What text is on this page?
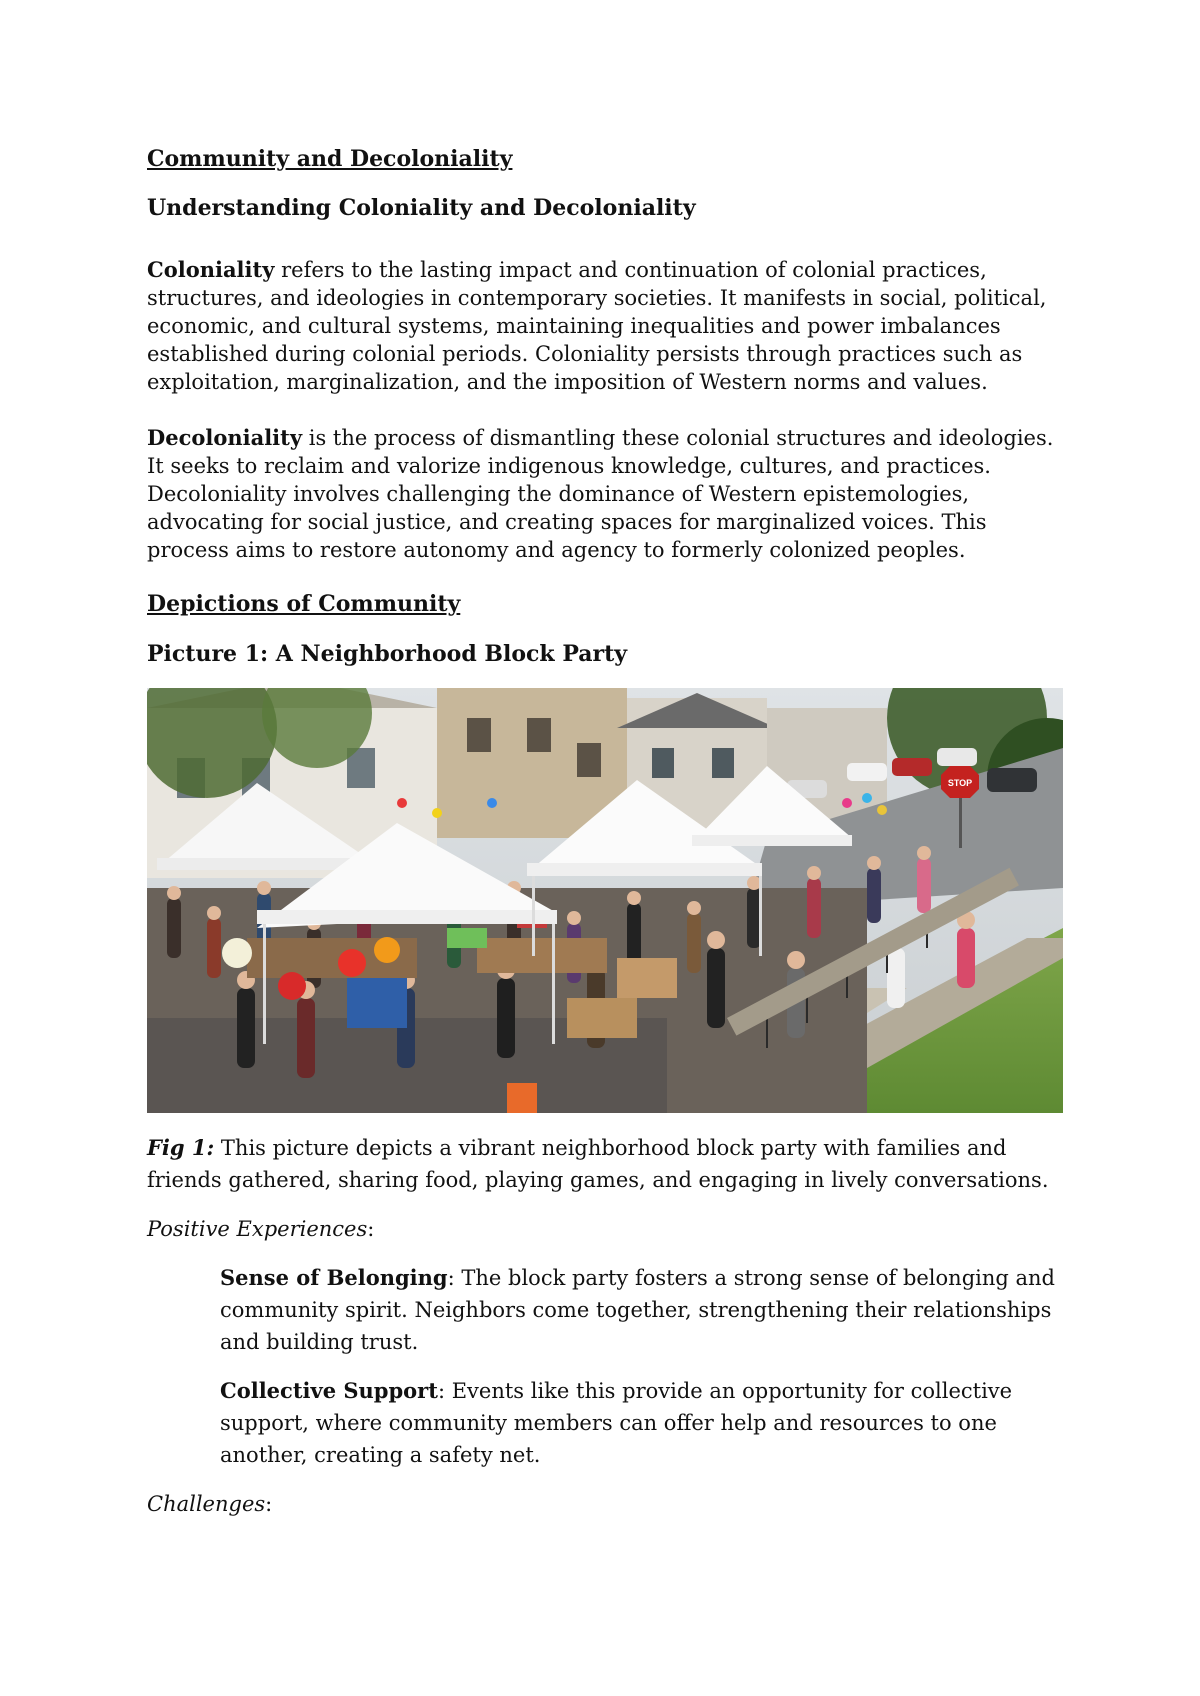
Community and Decoloniality
Understanding Coloniality and Decoloniality

Coloniality refers to the lasting impact and continuation of colonial practices, structures, and ideologies in contemporary societies. It manifests in social, political, economic, and cultural systems, maintaining inequalities and power imbalances established during colonial periods. Coloniality persists through practices such as exploitation, marginalization, and the imposition of Western norms and values.

Decoloniality is the process of dismantling these colonial structures and ideologies. It seeks to reclaim and valorize indigenous knowledge, cultures, and practices. Decoloniality involves challenging the dominance of Western epistemologies, advocating for social justice, and creating spaces for marginalized voices. This process aims to restore autonomy and agency to formerly colonized peoples.

Depictions of Community
Picture 1: A Neighborhood Block Party
STOP

Fig 1: This picture depicts a vibrant neighborhood block party with families and friends gathered, sharing food, playing games, and engaging in lively conversations.

Positive Experiences:

Sense of Belonging: The block party fosters a strong sense of belonging and community spirit. Neighbors come together, strengthening their relationships and building trust.

Collective Support: Events like this provide an opportunity for collective support, where community members can offer help and resources to one another, creating a safety net.

Challenges:
